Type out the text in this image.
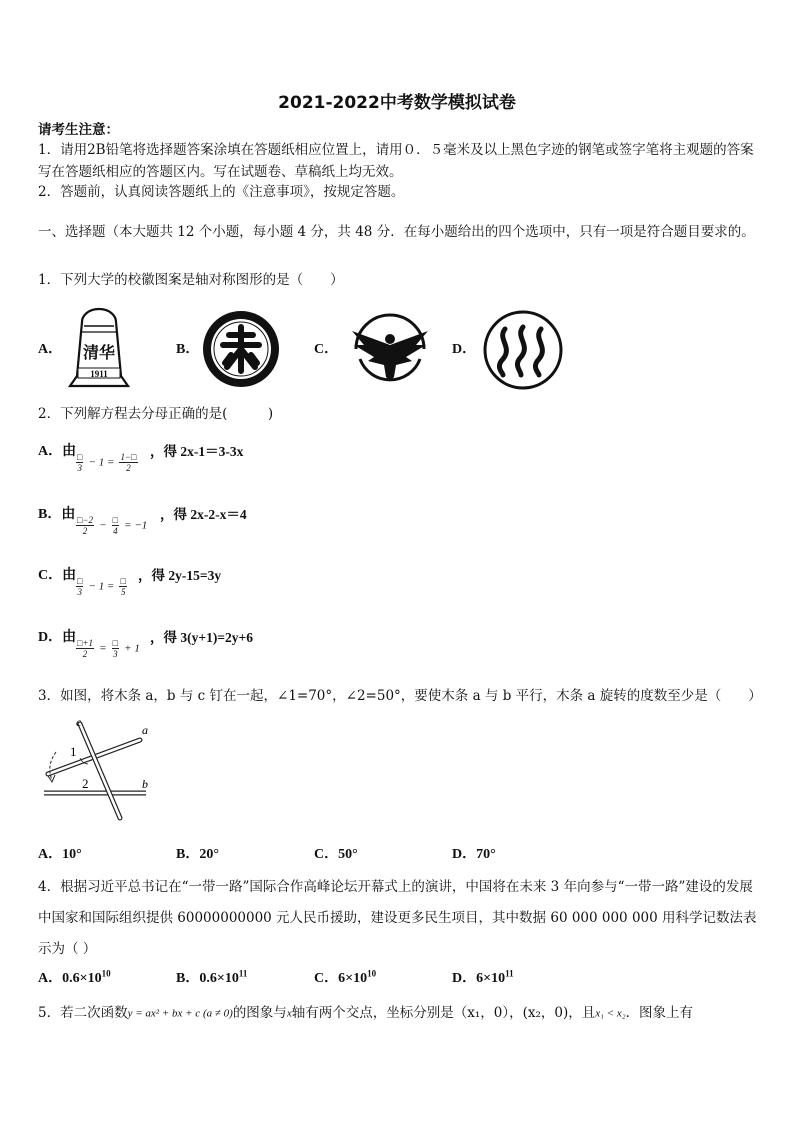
2021-2022中考数学模拟试卷
请考生注意：
1．请用2B铅笔将选择题答案涂填在答题纸相应位置上，请用０．５毫米及以上黑色字迹的钢笔或签字笔将主观题的答案写在答题纸相应的答题区内。写在试题卷、草稿纸上均无效。
2．答题前，认真阅读答题纸上的《注意事项》，按规定答题。
一、选择题（本大题共 12 个小题，每小题 4 分，共 48 分．在每小题给出的四个选项中，只有一项是符合题目要求的。
1．下列大学的校徽图案是轴对称图形的是（　　）
A． 清华
1911
B．	C．	D．
2．下列解方程去分母正确的是(　　　)
A．由
$\frac{□}{3} - 1 = \frac{1-□}{2}$
，得 2x-1＝3-3x
B．由
$\frac{□-2}{2} - \frac{□}{4} = -1$
，得 2x-2-x＝4
C．由
$\frac{□}{3} - 1 = \frac{□}{5}$
，得 2y-15=3y
D．由
$\frac{□+1}{2} = \frac{□}{3} + 1$
，得 3(y+1)=2y+6
3．如图，将木条 a，b 与 c 钉在一起，∠1=70°，∠2=50°，要使木条 a 与 b 平行，木条 a 旋转的度数至少是（　　）
c
a
b
1
2
A．10°	B．20°	C．50°	D．70°
4．根据习近平总书记在“一带一路”国际合作高峰论坛开幕式上的演讲，中国将在未来 3 年向参与“一带一路”建设的发展中国家和国际组织提供 60000000000 元人民币援助，建设更多民生项目，其中数据 60 000 000 000 用科学记数法表示为（ ）
A．$0.6\times 10^{10}$	B．$0.6\times 10^{11}$	C．$6\times 10^{10}$	D．$6\times 10^{11}$
5．若二次函数y = ax² + bx + c (a ≠ 0)的图象与x轴有两个交点，坐标分别是（x₁，0），(x₂，0)，且x₁ < x₂．图象上有
